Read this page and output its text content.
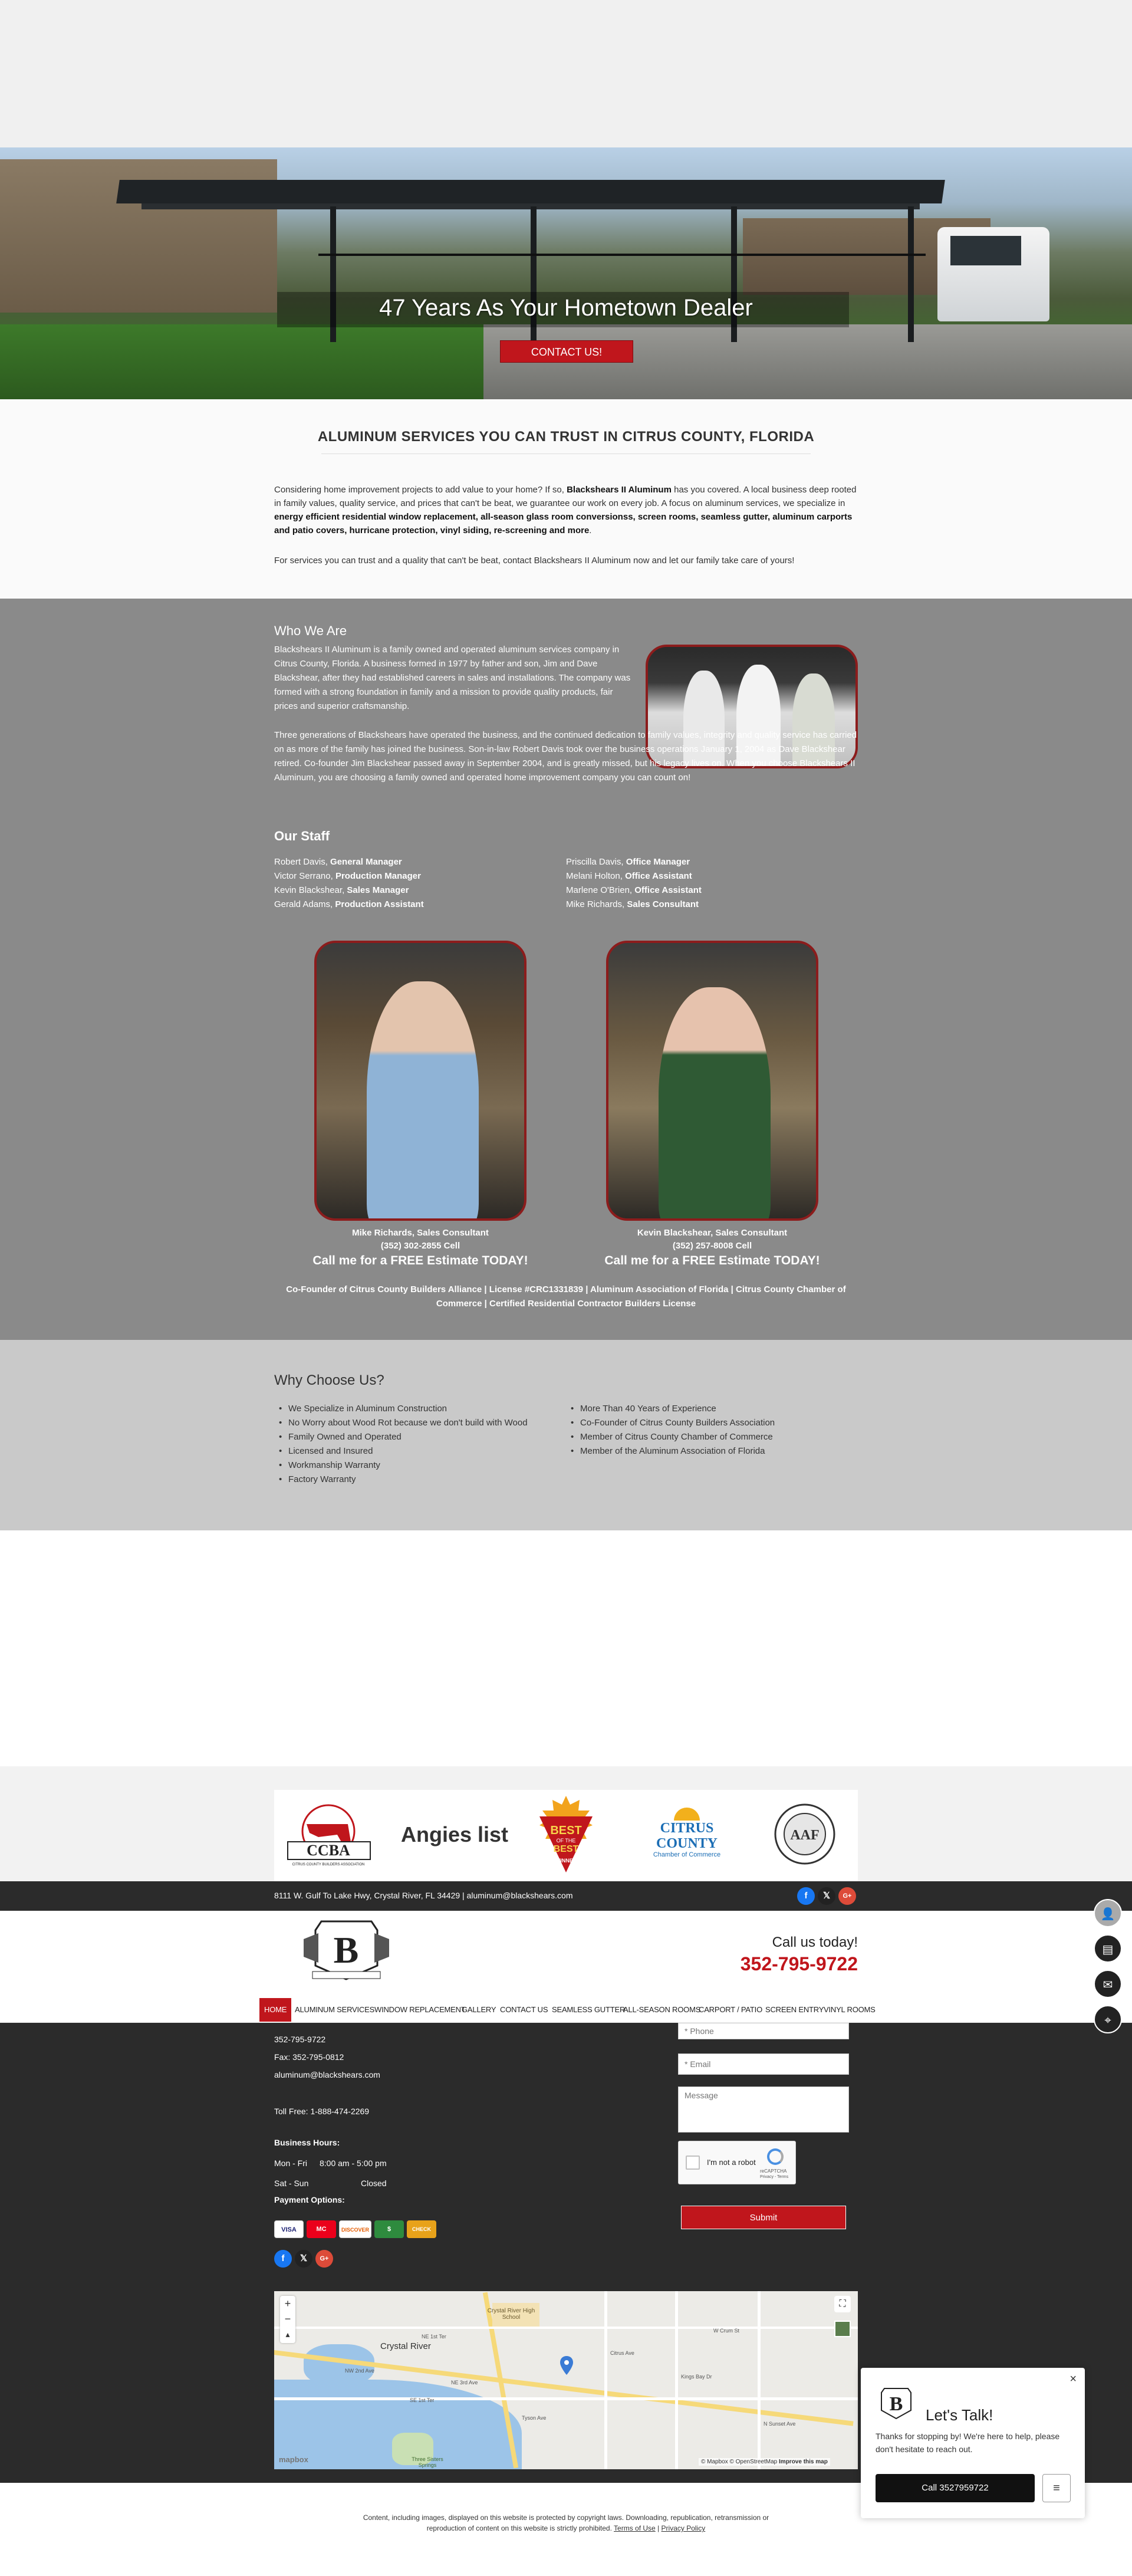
47 Years As Your Hometown Dealer
CONTACT US!
ALUMINUM SERVICES YOU CAN TRUST IN CITRUS COUNTY, FLORIDA

Considering home improvement projects to add value to your home? If so, Blackshears II Aluminum has you covered. A local business deep rooted in family values, quality service, and prices that can't be beat, we guarantee our work on every job. A focus on aluminum services, we specialize in energy efficient residential window replacement, all-season glass room conversionss, screen rooms, seamless gutter, aluminum carports and patio covers, hurricane protection, vinyl siding, re-screening and more.

For services you can trust and a quality that can't be beat, contact Blackshears II Aluminum now and let our family take care of yours!

Who We Are

Blackshears II Aluminum is a family owned and operated aluminum services company in Citrus County, Florida. A business formed in 1977 by father and son, Jim and Dave Blackshear, after they had established careers in sales and installations. The company was formed with a strong foundation in family and a mission to provide quality products, fair prices and superior craftsmanship.

Three generations of Blackshears have operated the business, and the continued dedication to family values, integrity and quality service has carried on as more of the family has joined the business. Son-in-law Robert Davis took over the business operations January 1, 2004 as Dave Blackshear retired. Co-founder Jim Blackshear passed away in September 2004, and is greatly missed, but his legacy lives on. When you choose Blackshears II Aluminum, you are choosing a family owned and operated home improvement company you can count on!

Our Staff
Robert Davis, General Manager
Victor Serrano, Production Manager
Kevin Blackshear, Sales Manager
Gerald Adams, Production Assistant
Priscilla Davis, Office Manager
Melani Holton, Office Assistant
Marlene O'Brien, Office Assistant
Mike Richards, Sales Consultant
Mike Richards, Sales Consultant
(352) 302-2855 Cell
Call me for a FREE Estimate TODAY!
Kevin Blackshear, Sales Consultant
(352) 257-8008 Cell
Call me for a FREE Estimate TODAY!
Co-Founder of Citrus County Builders Alliance | License #CRC1331839 | Aluminum Association of Florida | Citrus County Chamber of Commerce | Certified Residential Contractor Builders License
Why Choose Us?
• We Specialize in Aluminum Construction
• No Worry about Wood Rot because we don't build with Wood
• Family Owned and Operated
• Licensed and Insured
• Workmanship Warranty
• Factory Warranty
• More Than 40 Years of Experience
• Co-Founder of Citrus County Builders Association
• Member of Citrus County Chamber of Commerce
• Member of the Aluminum Association of Florida
CCBA
CITRUS COUNTY BUILDERS ASSOCIATION
Angies list	BEST
OF THE
BEST
WINNER
CITRUS COUNTY
Chamber of Commerce
AAF
8111 W. Gulf To Lake Hwy, Crystal River, FL 34429 | aluminum@blackshears.com	f	𝕏	G+
B	Call us today!
352-795-9722
HOME	ALUMINUM SERVICES WINDOW REPLACEMENT
GALLERY CONTACT US SEAMLESS GUTTER
ALL-SEASON ROOMS
CARPORT / PATIO SCREEN ENTRY VINYL ROOMS
352-795-9722
Fax: 352-795-0812
aluminum@blackshears.com
Toll Free: 1-888-474-2269
Business Hours:
Mon - Fri 8:00 am - 5:00 pm
Sat - Sun	Closed
Payment Options:
VISA	MC	DISCOVER	$	CHECK
f	𝕏	G+
* Phone
* Email
Message
I'm not a robot
reCAPTCHA
Privacy - Terms
Submit
Crystal River
Crystal River High School
Three Sisters Springs
NE 1st Ter
NW 2nd Ave
NE 3rd Ave
Tyson Ave
W Crum St
Kings Bay Dr
Citrus Ave
N Sunset Ave
SE 1st Ter
+
−
▴
⛶
mapbox	© Mapbox © OpenStreetMap Improve this map
Content, including images, displayed on this website is protected by copyright laws. Downloading, republication, retransmission or
reproduction of content on this website is strictly prohibited. Terms of Use | Privacy Policy
👤
▤
✉
⌖
×
B Let's Talk!
Thanks for stopping by! We're here to help, please don't hesitate to reach out.
Call 3527959722	≡
